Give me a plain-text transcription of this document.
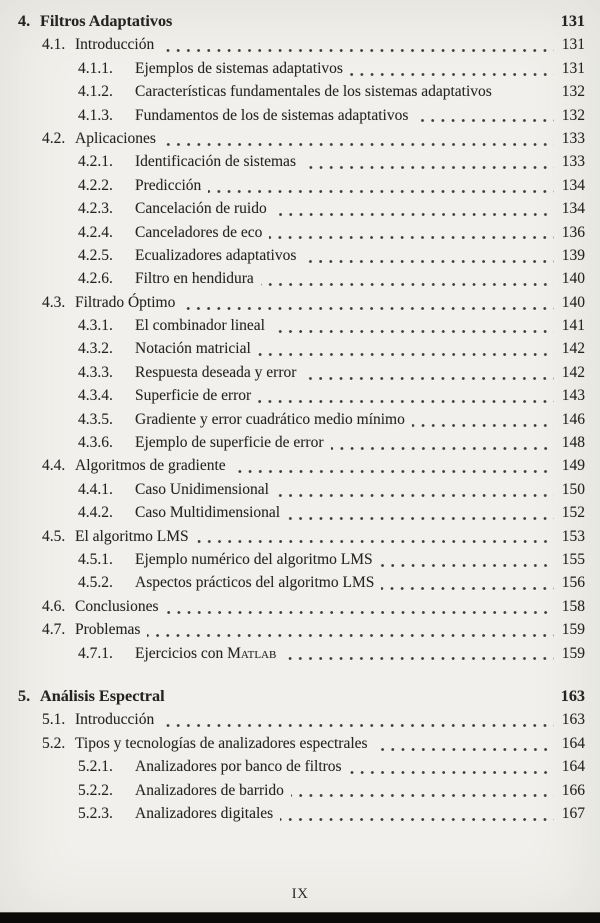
4. Filtros Adaptativos	131
4.1. Introducción	131
4.1.1.	Ejemplos de sistemas adaptativos	131
4.1.2.	Características fundamentales de los sistemas adaptativos	132
4.1.3.	Fundamentos de los de sistemas adaptativos	132
4.2. Aplicaciones	133
4.2.1.	Identificación de sistemas	133
4.2.2.	Predicción	134
4.2.3.	Cancelación de ruido	134
4.2.4.	Canceladores de eco	136
4.2.5.	Ecualizadores adaptativos	139
4.2.6.	Filtro en hendidura	140
4.3. Filtrado Óptimo	140
4.3.1.	El combinador lineal	141
4.3.2.	Notación matricial	142
4.3.3.	Respuesta deseada y error	142
4.3.4.	Superficie de error	143
4.3.5.	Gradiente y error cuadrático medio mínimo	146
4.3.6.	Ejemplo de superficie de error	148
4.4. Algoritmos de gradiente	149
4.4.1.	Caso Unidimensional	150
4.4.2.	Caso Multidimensional	152
4.5. El algoritmo LMS	153
4.5.1.	Ejemplo numérico del algoritmo LMS	155
4.5.2.	Aspectos prácticos del algoritmo LMS	156
4.6. Conclusiones	158
4.7. Problemas	159
4.7.1.	Ejercicios con Matlab	159
5. Análisis Espectral	163
5.1. Introducción	163
5.2. Tipos y tecnologías de analizadores espectrales	164
5.2.1.	Analizadores por banco de filtros	164
5.2.2.	Analizadores de barrido	166
5.2.3.	Analizadores digitales	167
IX
